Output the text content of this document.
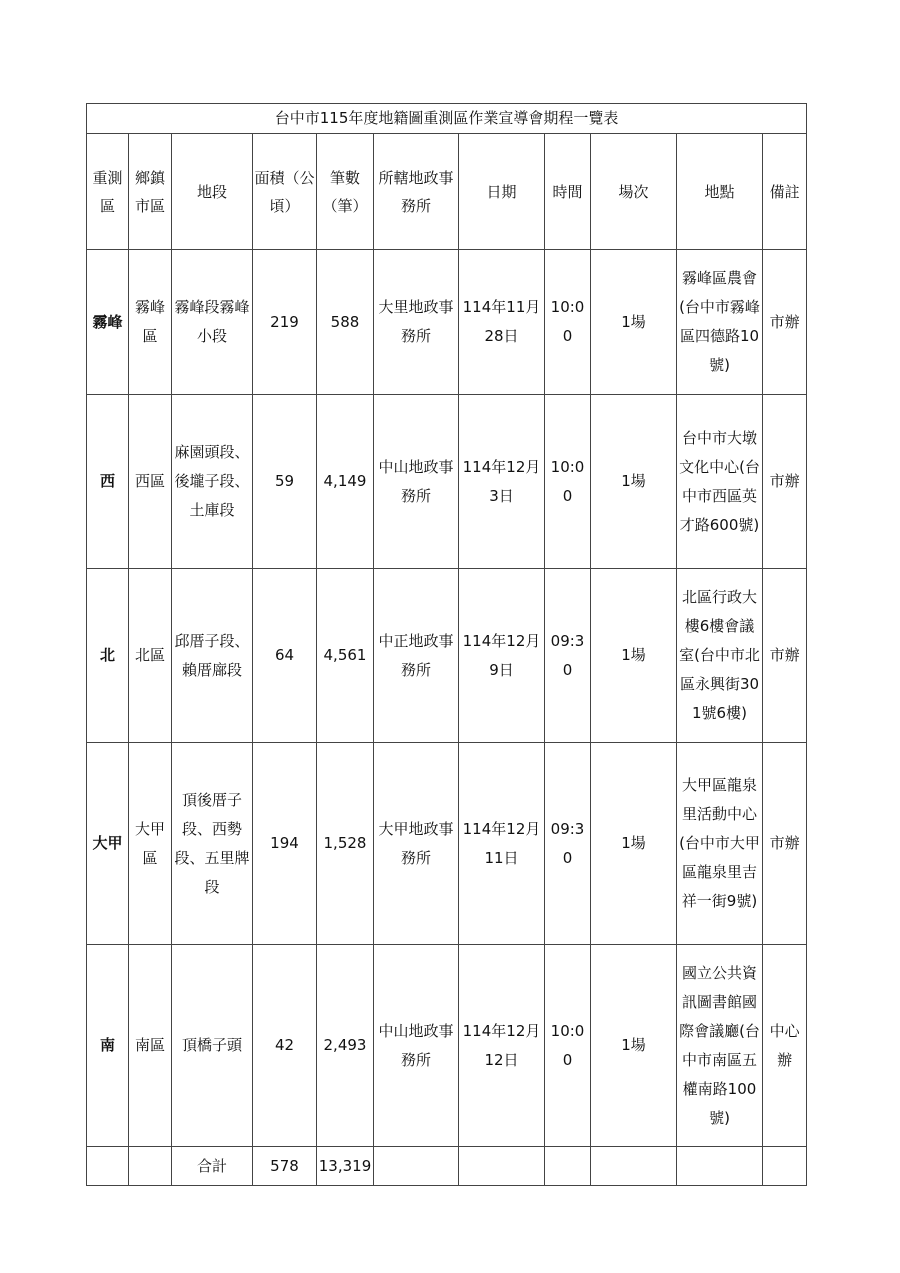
台中市115年度地籍圖重測區作業宣導會期程一覽表										
重測區	鄉鎮市區	地段	面積（公頃）	筆數（筆）	所轄地政事務所	日期	時間	場次	地點	備註
霧峰	霧峰區	霧峰段霧峰小段	219	588	大里地政事務所	114年11月28日	10:00	1場	霧峰區農會(台中市霧峰區四德路10號)	市辦
西	西區	麻園頭段、後壠子段、土庫段	59	4,149	中山地政事務所	114年12月3日	10:00	1場	台中市大墩文化中心(台中市西區英才路600號)	市辦
北	北區	邱厝子段、賴厝廍段	64	4,561	中正地政事務所	114年12月9日	09:30	1場	北區行政大樓6樓會議室(台中市北區永興街301號6樓)	市辦
大甲	大甲區	頂後厝子段、西勢段、五里牌段	194	1,528	大甲地政事務所	114年12月11日	09:30	1場	大甲區龍泉里活動中心(台中市大甲區龍泉里吉祥一街9號)	市辦
南	南區	頂橋子頭	42	2,493	中山地政事務所	114年12月12日	10:00	1場	國立公共資訊圖書館國際會議廳(台中市南區五權南路100號)	中心辦
		合計	578	13,319						
